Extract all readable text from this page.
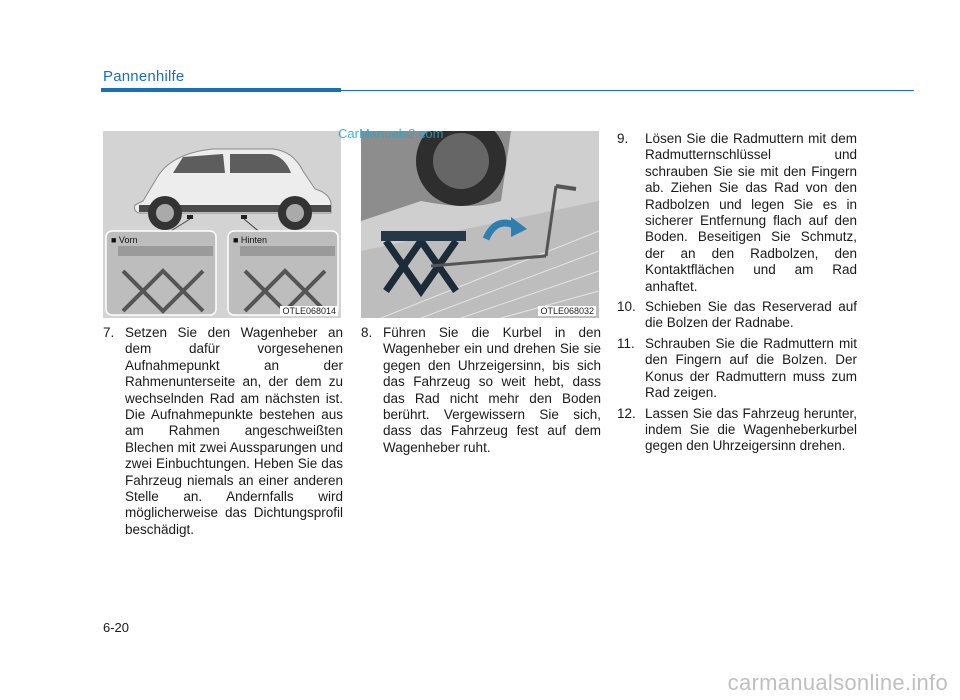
Pannenhilfe
■ Vorn	■ Hinten
OTLE068014	OTLE068032
CarManuals2.com
7. Setzen Sie den Wagenheber an dem dafür vorgesehenen Aufnahmepunkt an der Rahmenunterseite an, der dem zu wechselnden Rad am nächsten ist. Die Aufnahmepunkte bestehen aus am Rahmen angeschweißten Blechen mit zwei Aussparungen und zwei Einbuchtungen. Heben Sie das Fahrzeug niemals an einer anderen Stelle an. Andernfalls wird möglicherweise das Dichtungsprofil beschädigt.
8. Führen Sie die Kurbel in den Wagenheber ein und drehen Sie sie gegen den Uhrzeigersinn, bis sich das Fahrzeug so weit hebt, dass das Rad nicht mehr den Boden berührt. Vergewissern Sie sich, dass das Fahrzeug fest auf dem Wagenheber ruht.
9.	Lösen Sie die Radmuttern mit dem Radmutternschlüssel und schrauben Sie sie mit den Fingern ab. Ziehen Sie das Rad von den Radbolzen und legen Sie es in sicherer Entfernung flach auf den Boden. Beseitigen Sie Schmutz, der an den Radbolzen, den Kontaktflächen und am Rad anhaftet.
10. Schieben Sie das Reserverad auf die Bolzen der Radnabe.
11. Schrauben Sie die Radmuttern mit den Fingern auf die Bolzen. Der Konus der Radmuttern muss zum Rad zeigen.
12. Lassen Sie das Fahrzeug herunter, indem Sie die Wagenheberkurbel gegen den Uhrzeigersinn drehen.
6-20
carmanualsonline.info
